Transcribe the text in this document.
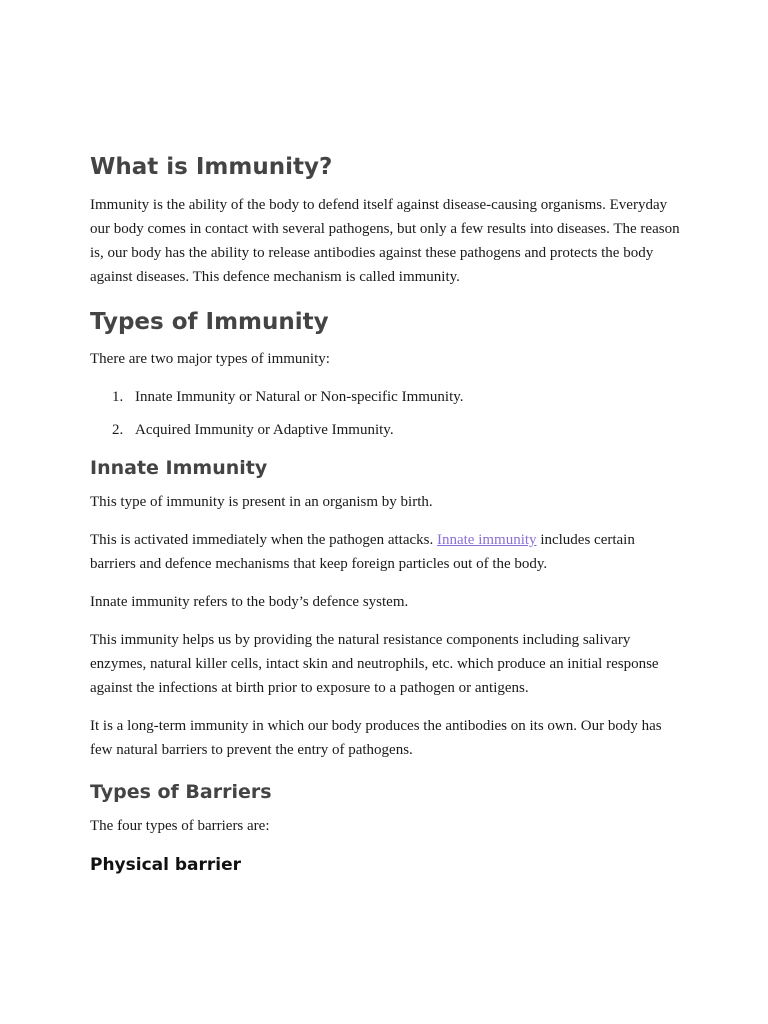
What is Immunity?

Immunity is the ability of the body to defend itself against disease-causing organisms. Everyday our body comes in contact with several pathogens, but only a few results into diseases. The reason is, our body has the ability to release antibodies against these pathogens and protects the body against diseases. This defence mechanism is called immunity.

Types of Immunity

There are two major types of immunity:

1. Innate Immunity or Natural or Non-specific Immunity.
2. Acquired Immunity or Adaptive Immunity.
Innate Immunity

This type of immunity is present in an organism by birth.

This is activated immediately when the pathogen attacks. Innate immunity includes certain barriers and defence mechanisms that keep foreign particles out of the body.

Innate immunity refers to the body’s defence system.

This immunity helps us by providing the natural resistance components including salivary enzymes, natural killer cells, intact skin and neutrophils, etc. which produce an initial response against the infections at birth prior to exposure to a pathogen or antigens.

It is a long-term immunity in which our body produces the antibodies on its own. Our body has few natural barriers to prevent the entry of pathogens.

Types of Barriers

The four types of barriers are:

Physical barrier
